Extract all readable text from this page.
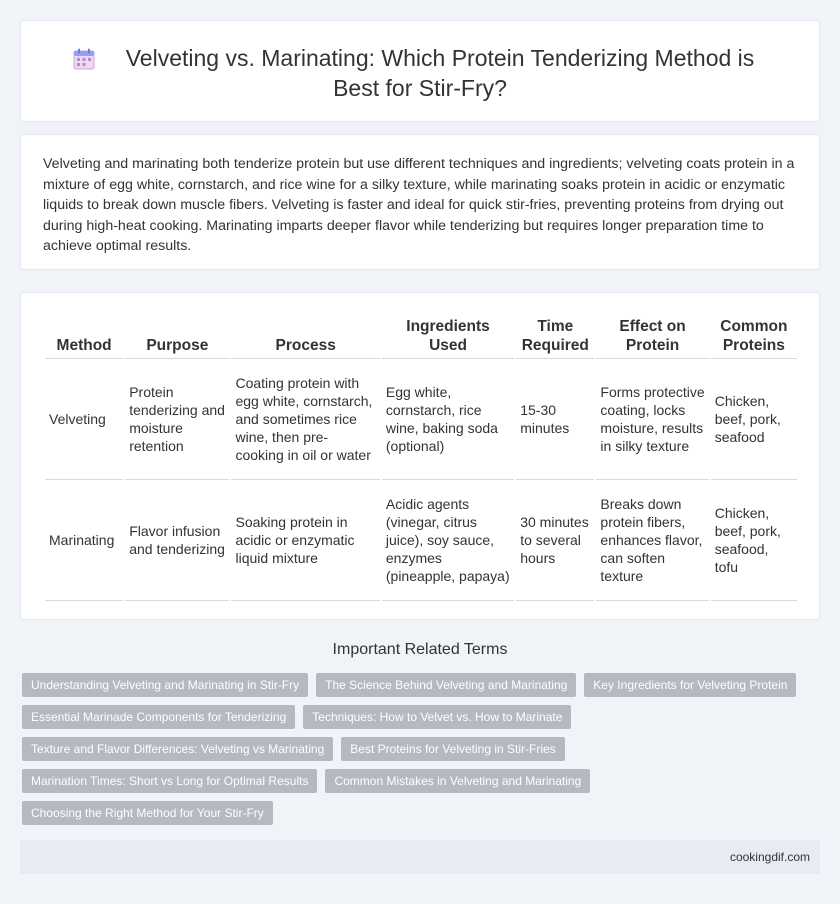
Velveting vs. Marinating: Which Protein Tenderizing Method is
Best for Stir-Fry?

Velveting and marinating both tenderize protein but use different techniques and ingredients; velveting coats protein in a mixture of egg white, cornstarch, and rice wine for a silky texture, while marinating soaks protein in acidic or enzymatic liquids to break down muscle fibers. Velveting is faster and ideal for quick stir-fries, preventing proteins from drying out during high-heat cooking. Marinating imparts deeper flavor while tenderizing but requires longer preparation time to achieve optimal results.

Method	Purpose	Process	Ingredients Used	Time Required	Effect on Protein	Common Proteins
Velveting	Protein tenderizing and moisture retention	Coating protein with egg white, cornstarch, and sometimes rice wine, then pre-cooking in oil or water	Egg white, cornstarch, rice wine, baking soda (optional)	15-30 minutes	Forms protective coating, locks moisture, results in silky texture	Chicken, beef, pork, seafood
Marinating	Flavor infusion and tenderizing	Soaking protein in acidic or enzymatic liquid mixture	Acidic agents (vinegar, citrus juice), soy sauce, enzymes (pineapple, papaya)	30 minutes to several hours	Breaks down protein fibers, enhances flavor, can soften texture	Chicken, beef, pork, seafood, tofu
Important Related Terms
Understanding Velveting and Marinating in Stir-Fry	The Science Behind Velveting and Marinating	Key Ingredients for Velveting Protein
Essential Marinade Components for Tenderizing	Techniques: How to Velvet vs. How to Marinate
Texture and Flavor Differences: Velveting vs Marinating	Best Proteins for Velveting in Stir-Fries
Marination Times: Short vs Long for Optimal Results	Common Mistakes in Velveting and Marinating
Choosing the Right Method for Your Stir-Fry
cookingdif.com
